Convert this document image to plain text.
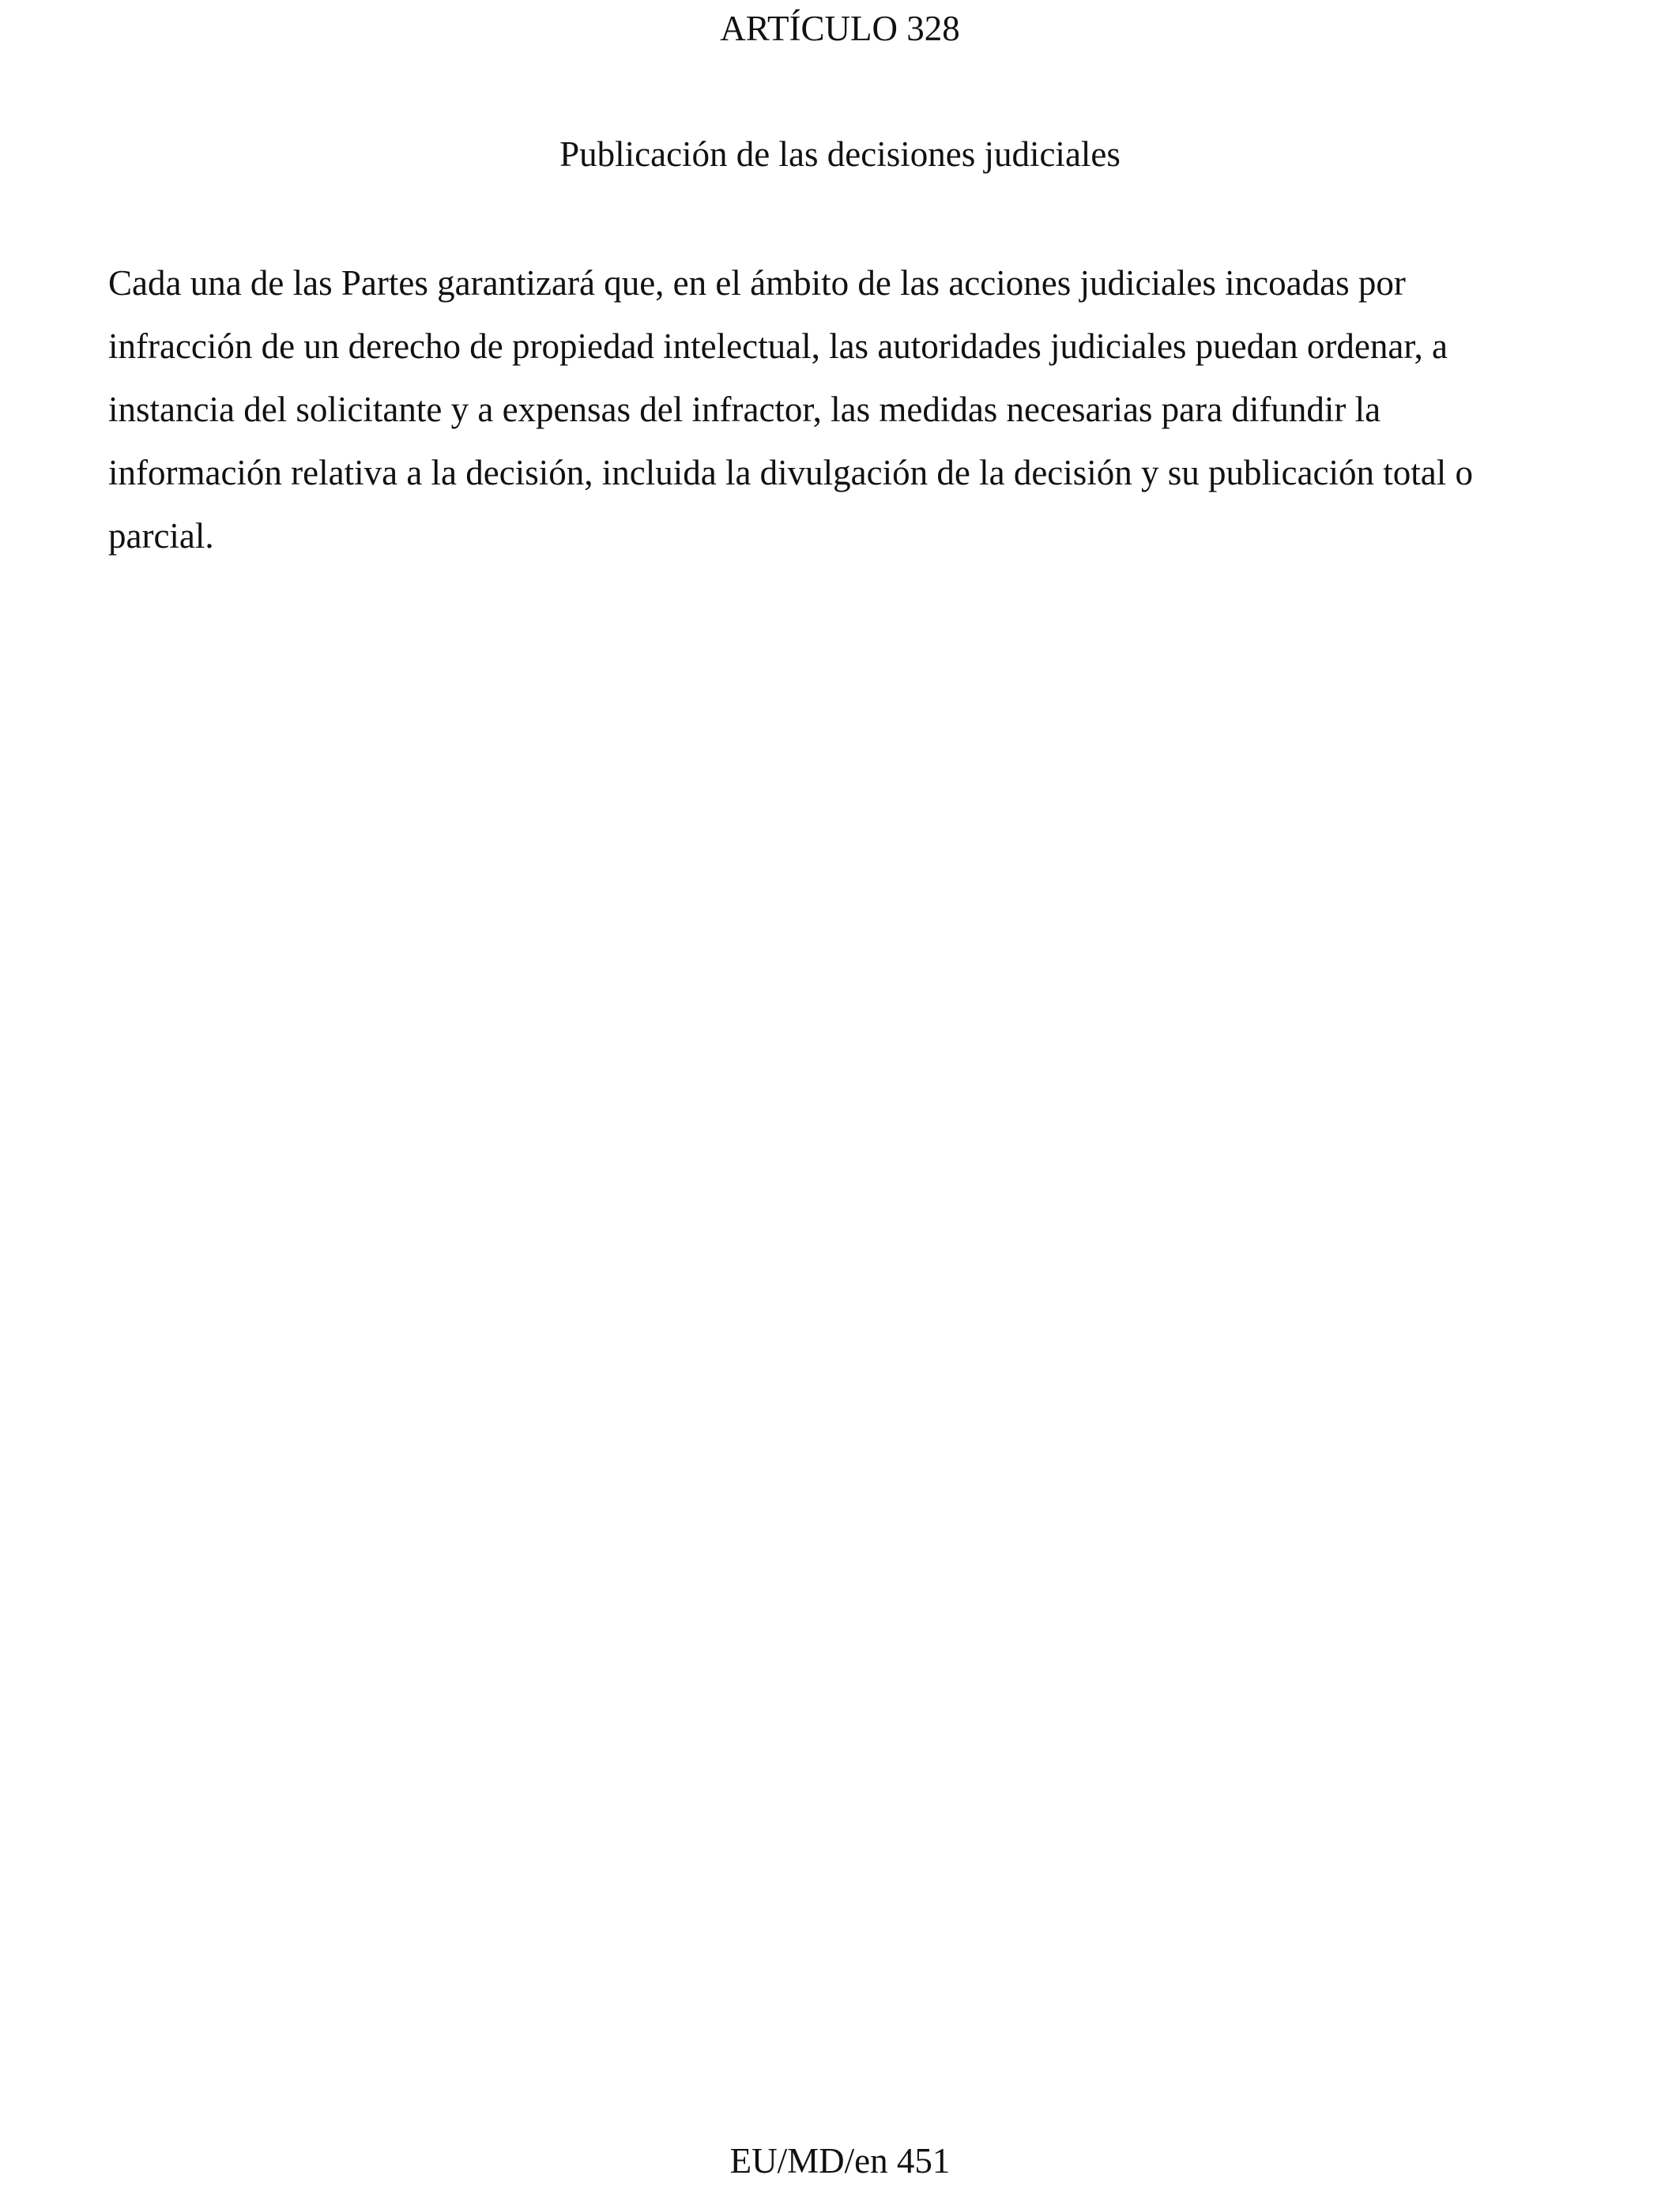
ARTÍCULO 328
Publicación de las decisiones judiciales

Cada una de las Partes garantizará que, en el ámbito de las acciones judiciales incoadas por
infracción de un derecho de propiedad intelectual, las autoridades judiciales puedan ordenar, a
instancia del solicitante y a expensas del infractor, las medidas necesarias para difundir la
información relativa a la decisión, incluida la divulgación de la decisión y su publicación total o
parcial.

EU/MD/en 451
